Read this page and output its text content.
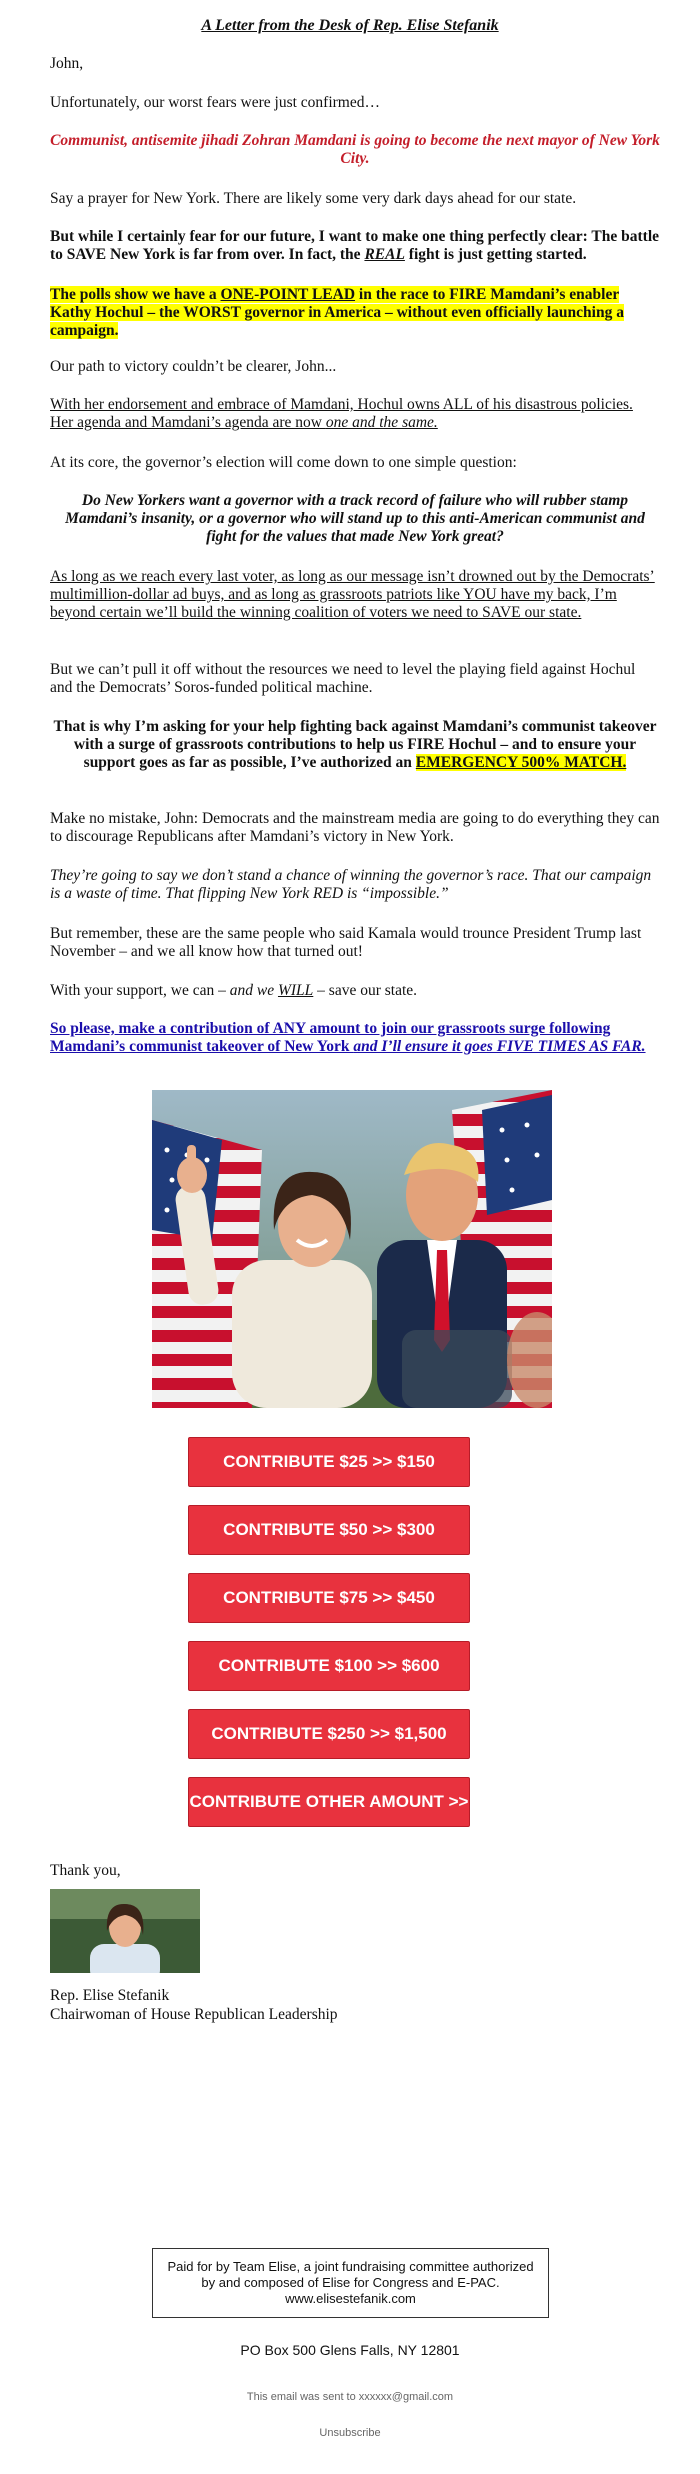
A Letter from the Desk of Rep. Elise Stefanik

John,

Unfortunately, our worst fears were just confirmed…

Communist, antisemite jihadi Zohran Mamdani is going to become the next mayor of New York City.

Say a prayer for New York. There are likely some very dark days ahead for our state.

But while I certainly fear for our future, I want to make one thing perfectly clear: The battle to SAVE New York is far from over. In fact, the REAL fight is just getting started.

The polls show we have a ONE-POINT LEAD in the race to FIRE Mamdani’s enabler Kathy Hochul – the WORST governor in America – without even officially launching a campaign.

Our path to victory couldn’t be clearer, John...

With her endorsement and embrace of Mamdani, Hochul owns ALL of his disastrous policies. Her agenda and Mamdani’s agenda are now one and the same.

At its core, the governor’s election will come down to one simple question:

Do New Yorkers want a governor with a track record of failure who will rubber stamp Mamdani’s insanity, or a governor who will stand up to this anti-American communist and fight for the values that made New York great?

As long as we reach every last voter, as long as our message isn’t drowned out by the Democrats’ multimillion-dollar ad buys, and as long as grassroots patriots like YOU have my back, I’m beyond certain we’ll build the winning coalition of voters we need to SAVE our state.

But we can’t pull it off without the resources we need to level the playing field against Hochul and the Democrats’ Soros-funded political machine.

That is why I’m asking for your help fighting back against Mamdani’s communist takeover with a surge of grassroots contributions to help us FIRE Hochul – and to ensure your support goes as far as possible, I’ve authorized an EMERGENCY 500% MATCH.

Make no mistake, John: Democrats and the mainstream media are going to do everything they can to discourage Republicans after Mamdani’s victory in New York.

They’re going to say we don’t stand a chance of winning the governor’s race. That our campaign is a waste of time. That flipping New York RED is “impossible.”

But remember, these are the same people who said Kamala would trounce President Trump last November – and we all know how that turned out!

With your support, we can – and we WILL – save our state.

So please, make a contribution of ANY amount to join our grassroots surge following Mamdani’s communist takeover of New York and I’ll ensure it goes FIVE TIMES AS FAR.

CONTRIBUTE $25 >> $150
CONTRIBUTE $50 >> $300
CONTRIBUTE $75 >> $450
CONTRIBUTE $100 >> $600
CONTRIBUTE $250 >> $1,500
CONTRIBUTE OTHER AMOUNT >>

Thank you,

Rep. Elise Stefanik

Chairwoman of House Republican Leadership

Paid for by Team Elise, a joint fundraising committee authorized by and composed of Elise for Congress and E-PAC. www.elisestefanik.com

PO Box 500 Glens Falls, NY 12801

This email was sent to xxxxxx@gmail.com

Unsubscribe
